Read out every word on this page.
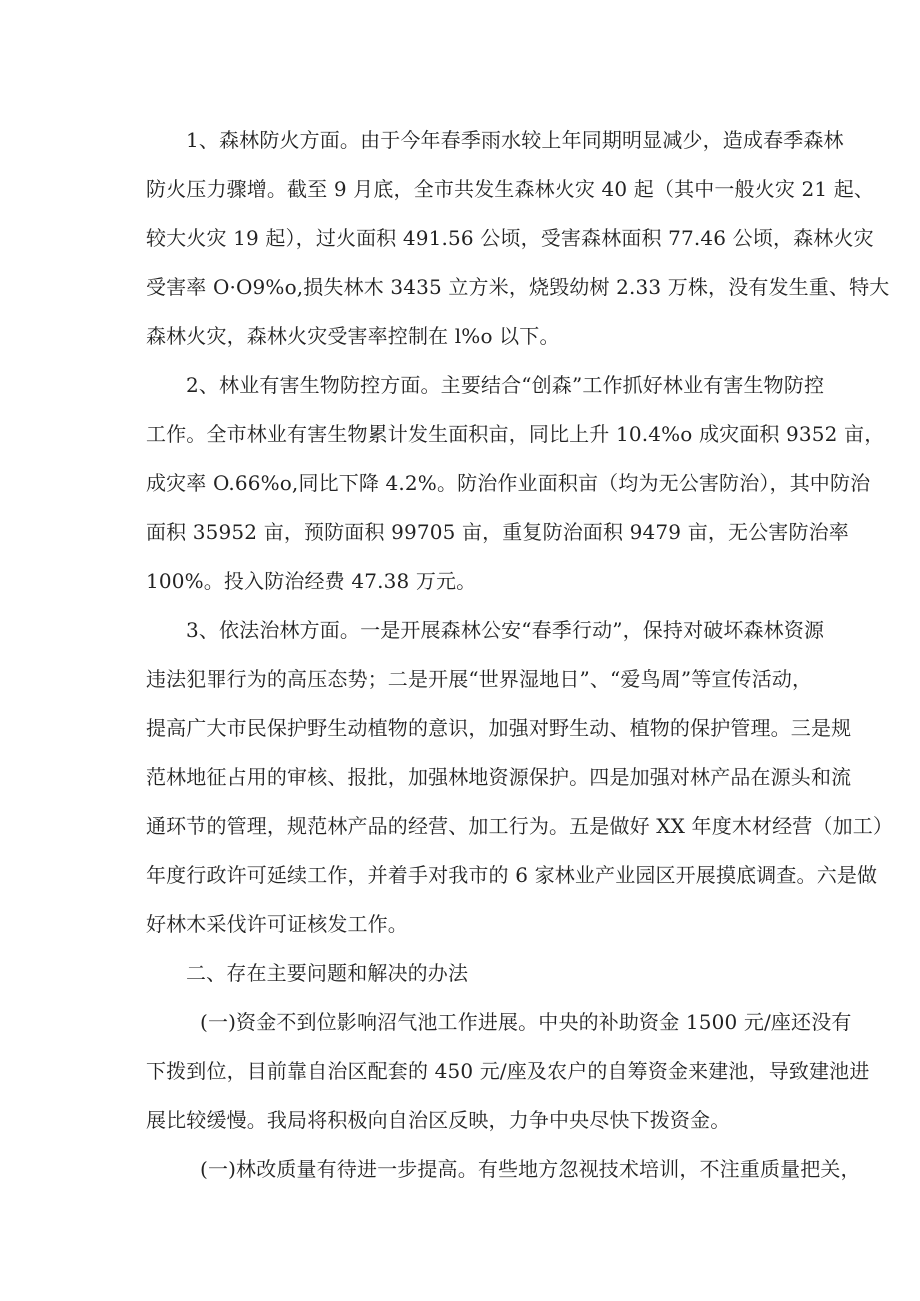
1、森林防火方面。由于今年春季雨水较上年同期明显减少，造成春季森林
防火压力骤增。截至 9 月底，全市共发生森林火灾 40 起（其中一般火灾 21 起、
较大火灾 19 起），过火面积 491.56 公顷，受害森林面积 77.46 公顷，森林火灾
受害率 O·O9%o,损失林木 3435 立方米，烧毁幼树 2.33 万株，没有发生重、特大
森林火灾，森林火灾受害率控制在 l%o 以下。
2、林业有害生物防控方面。主要结合“创森”工作抓好林业有害生物防控
工作。全市林业有害生物累计发生面积亩，同比上升 10.4%o 成灾面积 9352 亩，
成灾率 O.66%o,同比下降 4.2%。防治作业面积亩（均为无公害防治），其中防治
面积 35952 亩，预防面积 99705 亩，重复防治面积 9479 亩，无公害防治率
100%。投入防治经费 47.38 万元。
3、依法治林方面。一是开展森林公安“春季行动”，保持对破坏森林资源
违法犯罪行为的高压态势；二是开展“世界湿地日”、“爱鸟周”等宣传活动，
提高广大市民保护野生动植物的意识，加强对野生动、植物的保护管理。三是规
范林地征占用的审核、报批，加强林地资源保护。四是加强对林产品在源头和流
通环节的管理，规范林产品的经营、加工行为。五是做好 XX 年度木材经营（加工）
年度行政许可延续工作，并着手对我市的 6 家林业产业园区开展摸底调查。六是做
好林木采伐许可证核发工作。
二、存在主要问题和解决的办法
(一)资金不到位影响沼气池工作进展。中央的补助资金 1500 元/座还没有
下拨到位，目前靠自治区配套的 450 元/座及农户的自筹资金来建池，导致建池进
展比较缓慢。我局将积极向自治区反映，力争中央尽快下拨资金。
(一)林改质量有待进一步提高。有些地方忽视技术培训，不注重质量把关，
